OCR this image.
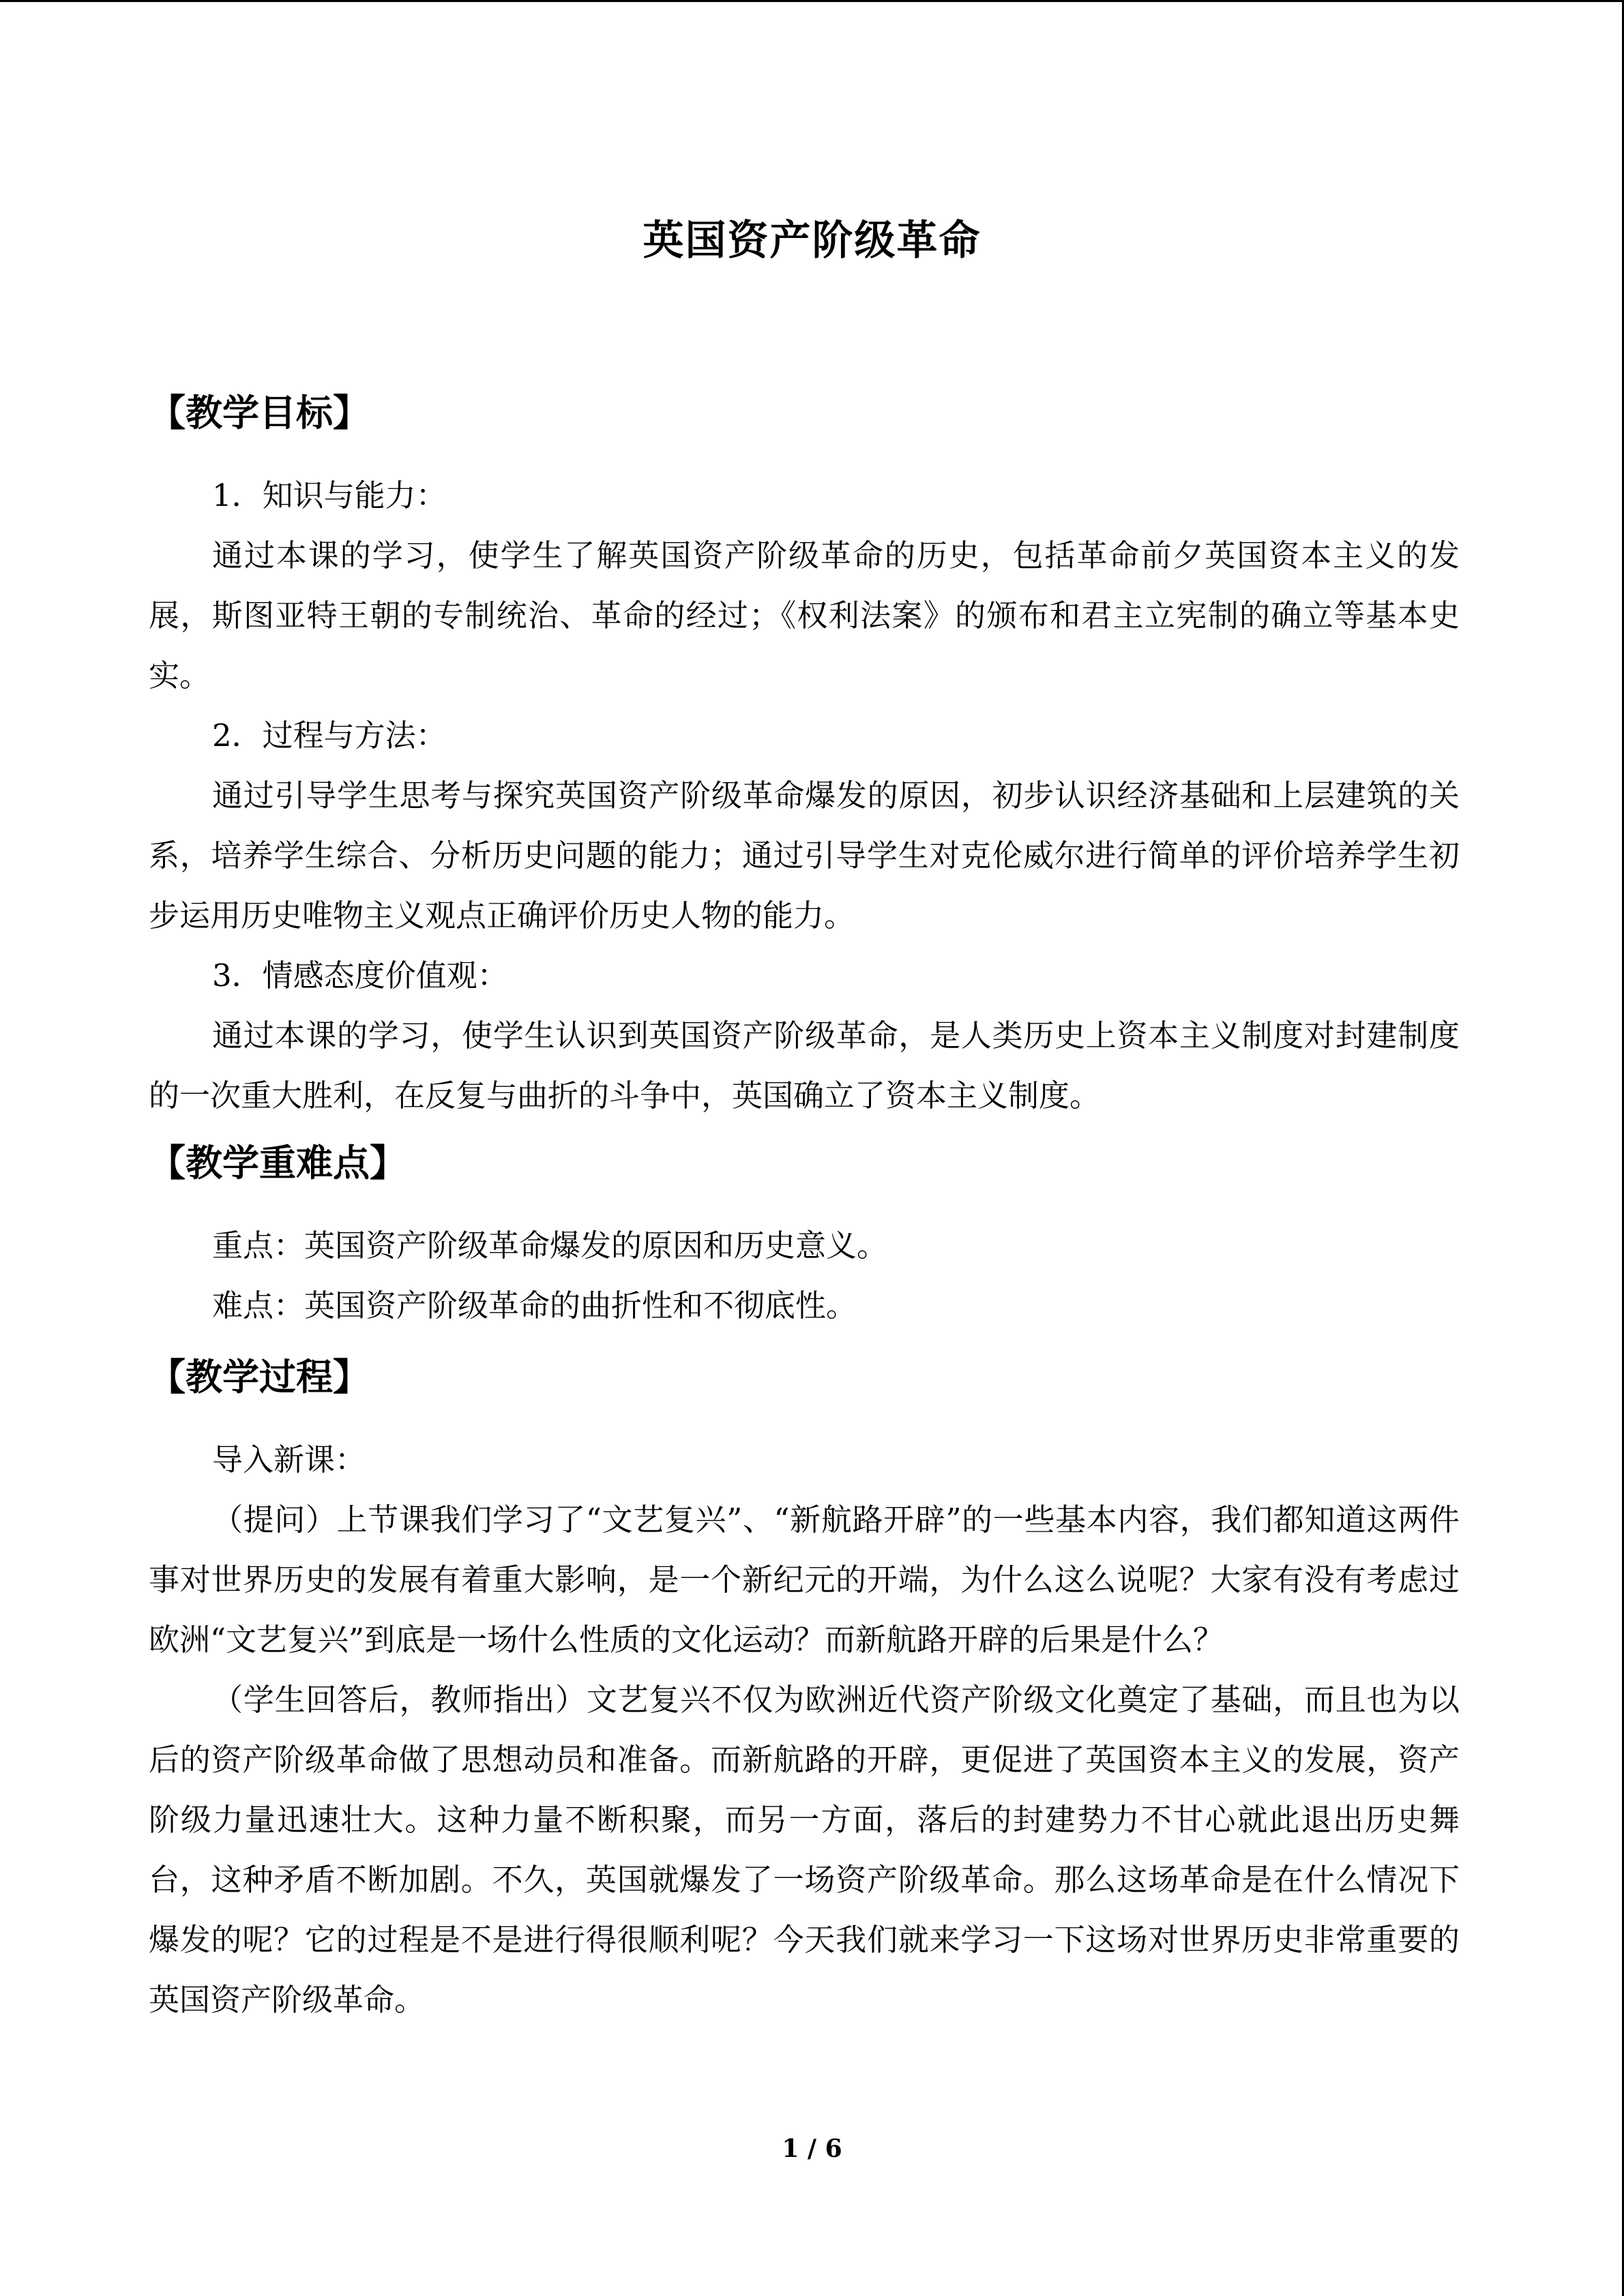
英国资产阶级革命
【教学目标】

1．知识与能力：

通过本课的学习，使学生了解英国资产阶级革命的历史，包括革命前夕英国资本主义的发展，斯图亚特王朝的专制统治、革命的经过；《权利法案》的颁布和君主立宪制的确立等基本史实。

2．过程与方法：

通过引导学生思考与探究英国资产阶级革命爆发的原因，初步认识经济基础和上层建筑的关系，培养学生综合、分析历史问题的能力；通过引导学生对克伦威尔进行简单的评价培养学生初步运用历史唯物主义观点正确评价历史人物的能力。

3．情感态度价值观：

通过本课的学习，使学生认识到英国资产阶级革命，是人类历史上资本主义制度对封建制度的一次重大胜利，在反复与曲折的斗争中，英国确立了资本主义制度。

【教学重难点】

重点：英国资产阶级革命爆发的原因和历史意义。

难点：英国资产阶级革命的曲折性和不彻底性。

【教学过程】

导入新课：

（提问）上节课我们学习了“文艺复兴”、“新航路开辟”的一些基本内容，我们都知道这两件事对世界历史的发展有着重大影响，是一个新纪元的开端，为什么这么说呢？大家有没有考虑过欧洲“文艺复兴”到底是一场什么性质的文化运动？而新航路开辟的后果是什么？

（学生回答后，教师指出）文艺复兴不仅为欧洲近代资产阶级文化奠定了基础，而且也为以后的资产阶级革命做了思想动员和准备。而新航路的开辟，更促进了英国资本主义的发展，资产阶级力量迅速壮大。这种力量不断积聚，而另一方面，落后的封建势力不甘心就此退出历史舞台，这种矛盾不断加剧。不久，英国就爆发了一场资产阶级革命。那么这场革命是在什么情况下爆发的呢？它的过程是不是进行得很顺利呢？今天我们就来学习一下这场对世界历史非常重要的英国资产阶级革命。

1 / 6
